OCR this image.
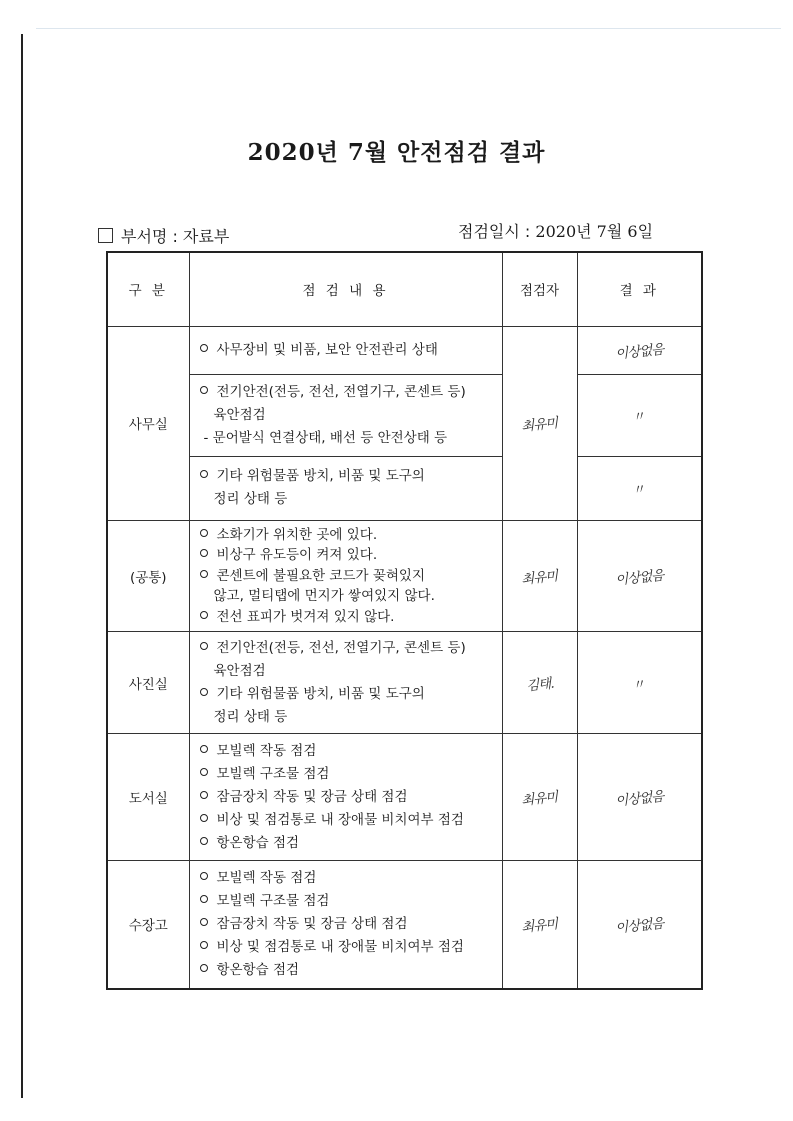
2020년 7월 안전점검 결과
부서명 : 자료부	점검일시 : 2020년 7월 6일
구 분	점 검 내 용	점검자	결 과
사무실	사무장비 및 비품, 보안 안전관리 상태	최유미	이상없음

	전기안전(전등, 전선, 전열기구, 콘센트 등)
육안점검
- 문어발식 연결상태, 배선 등 안전상태 등		〃

	기타 위험물품 방치, 비품 및 도구의
정리 상태 등		〃
(공통)	소화기가 위치한 곳에 있다.
비상구 유도등이 켜져 있다.
콘센트에 불필요한 코드가 꽂혀있지
않고, 멀티탭에 먼지가 쌓여있지 않다.
전선 표피가 벗겨져 있지 않다.	최유미	이상없음
사진실	전기안전(전등, 전선, 전열기구, 콘센트 등)
육안점검
기타 위험물품 방치, 비품 및 도구의
정리 상태 등	김태.	〃
도서실	모빌렉 작동 점검
모빌렉 구조물 점검
잠금장치 작동 및 장금 상태 점검
비상 및 점검통로 내 장애물 비치여부 점검
항온항습 점검	최유미	이상없음
수장고	모빌렉 작동 점검
모빌렉 구조물 점검
잠금장치 작동 및 장금 상태 점검
비상 및 점검통로 내 장애물 비치여부 점검
항온항습 점검	최유미	이상없음
